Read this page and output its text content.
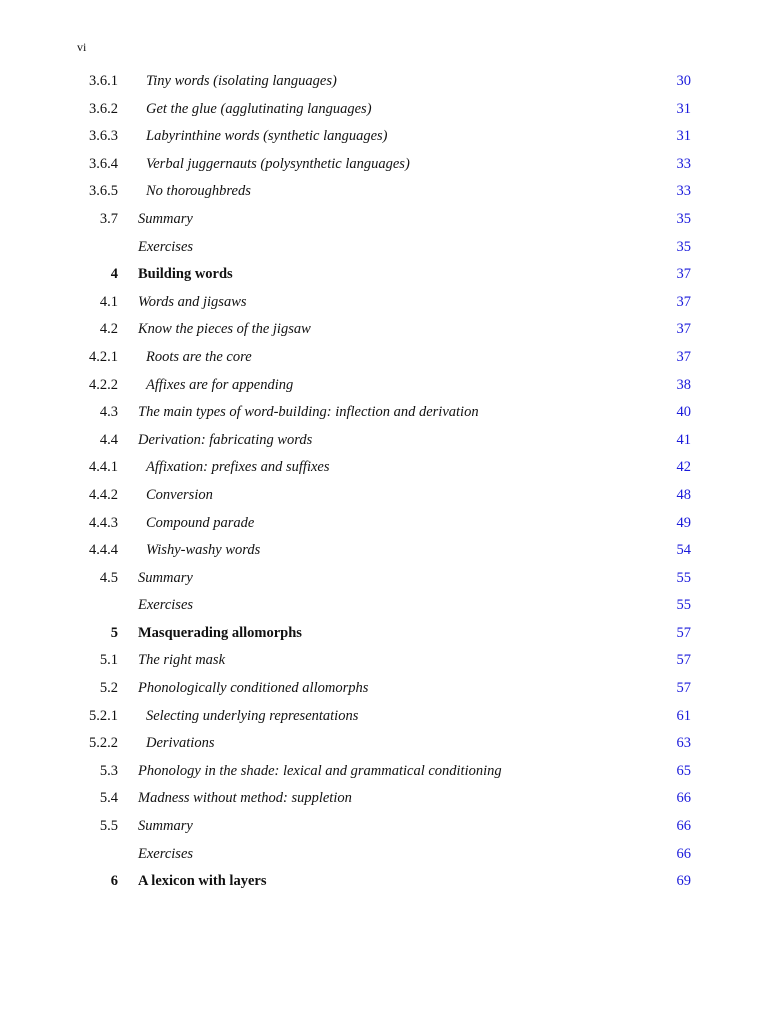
vi
3.6.1 Tiny words (isolating languages)	30
3.6.2 Get the glue (agglutinating languages)	31
3.6.3 Labyrinthine words (synthetic languages)	31
3.6.4 Verbal juggernauts (polysynthetic languages)	33
3.6.5 No thoroughbreds	33
3.7 Summary	35
Exercises	35
4 Building words	37
4.1 Words and jigsaws	37
4.2 Know the pieces of the jigsaw	37
4.2.1 Roots are the core	37
4.2.2 Affixes are for appending	38
4.3 The main types of word-building: inflection and derivation	40
4.4 Derivation: fabricating words	41
4.4.1 Affixation: prefixes and suffixes	42
4.4.2 Conversion	48
4.4.3 Compound parade	49
4.4.4 Wishy-washy words	54
4.5 Summary	55
Exercises	55
5 Masquerading allomorphs	57
5.1 The right mask	57
5.2 Phonologically conditioned allomorphs	57
5.2.1 Selecting underlying representations	61
5.2.2 Derivations	63
5.3 Phonology in the shade: lexical and grammatical conditioning	65
5.4 Madness without method: suppletion	66
5.5 Summary	66
Exercises	66
6 A lexicon with layers	69
